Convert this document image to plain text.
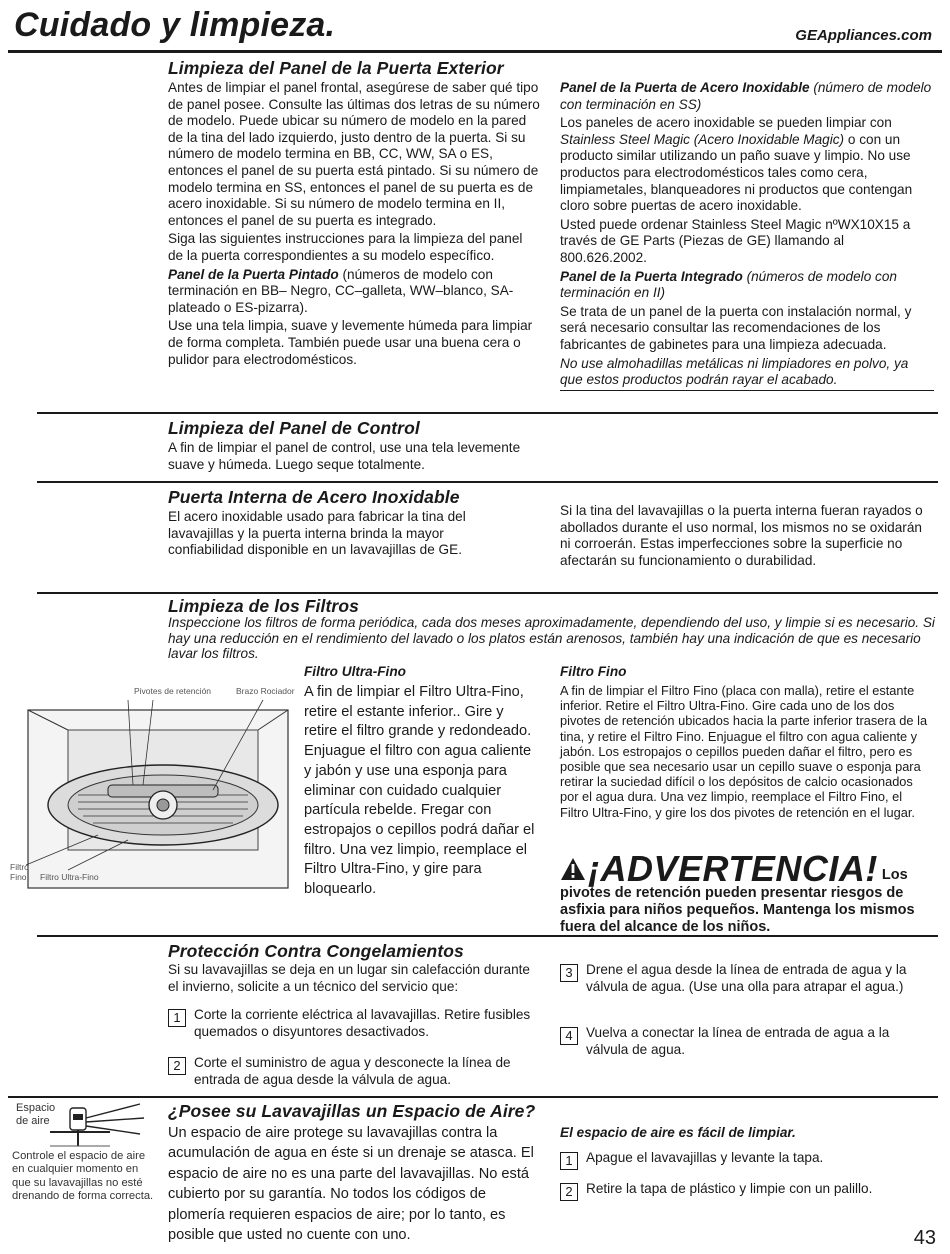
Cuidado y limpieza.	GEAppliances.com
Limpieza del Panel de la Puerta Exterior

Antes de limpiar el panel frontal, asegúrese de saber qué tipo de panel posee. Consulte las últimas dos letras de su número de modelo. Puede ubicar su número de modelo en la pared de la tina del lado izquierdo, justo dentro de la puerta. Si su número de modelo termina en BB, CC, WW, SA o ES, entonces el panel de su puerta está pintado. Si su número de modelo termina en SS, entonces el panel de su puerta es de acero inoxidable. Si su número de modelo termina en II, entonces el panel de su puerta es integrado.

Siga las siguientes instrucciones para la limpieza del panel de la puerta correspondientes a su modelo específico.

Panel de la Puerta Pintado (números de modelo con terminación en BB– Negro, CC–galleta, WW–blanco, SA-plateado o ES-pizarra).

Use una tela limpia, suave y levemente húmeda para limpiar de forma completa. También puede usar una buena cera o pulidor para electrodomésticos.

Panel de la Puerta de Acero Inoxidable (número de modelo con terminación en SS)

Los paneles de acero inoxidable se pueden limpiar con Stainless Steel Magic (Acero Inoxidable Magic) o con un producto similar utilizando un paño suave y limpio. No use productos para electrodomésticos tales como cera, limpiametales, blanqueadores ni productos que contengan cloro sobre puertas de acero inoxidable.

Usted puede ordenar Stainless Steel Magic nºWX10X15 a través de GE Parts (Piezas de GE) llamando al 800.626.2002.

Panel de la Puerta Integrado (números de modelo con terminación en II)

Se trata de un panel de la puerta con instalación normal, y será necesario consultar las recomendaciones de los fabricantes de gabinetes para una limpieza adecuada.

No use almohadillas metálicas ni limpiadores en polvo, ya que estos productos podrán rayar el acabado.

Limpieza del Panel de Control
A fin de limpiar el panel de control, use una tela levemente suave y húmeda. Luego seque totalmente.
Puerta Interna de Acero Inoxidable
El acero inoxidable usado para fabricar la tina del lavavajillas y la puerta interna brinda la mayor confiabilidad disponible en un lavavajillas de GE.
Si la tina del lavavajillas o la puerta interna fueran rayados o abollados durante el uso normal, los mismos no se oxidarán ni corroerán. Estas imperfecciones sobre la superficie no afectarán su funcionamiento o durabilidad.
Limpieza de los Filtros
Inspeccione los filtros de forma periódica, cada dos meses aproximadamente, dependiendo del uso, y limpie si es necesario. Si hay una reducción en el rendimiento del lavado o los platos están arenosos, también hay una indicación de que es necesario lavar los filtros.
Pivotes de retención	Brazo Rociador
Filtro Fino	Filtro Ultra-Fino
Filtro Ultra-Fino
A fin de limpiar el Filtro Ultra-Fino, retire el estante inferior.. Gire y retire el filtro grande y redondeado. Enjuague el filtro con agua caliente y jabón y use una esponja para eliminar con cuidado cualquier partícula rebelde. Fregar con estropajos o cepillos podrá dañar el filtro. Una vez limpio, reemplace el Filtro Ultra-Fino, y gire para bloquearlo.
Filtro Fino
A fin de limpiar el Filtro Fino (placa con malla), retire el estante inferior. Retire el Filtro Ultra-Fino. Gire cada uno de los dos pivotes de retención ubicados hacia la parte inferior trasera de la tina, y retire el Filtro Fino. Enjuague el filtro con agua caliente y jabón. Los estropajos o cepillos pueden dañar el filtro, pero es posible que sea necesario usar un cepillo suave o esponja para retirar la suciedad difícil o los depósitos de calcio ocasionados por el agua dura. Una vez limpio, reemplace el Filtro Fino, el Filtro Ultra-Fino, y gire los dos pivotes de retención en el lugar.
¡ADVERTENCIA! Los pivotes de retención pueden presentar riesgos de asfixia para niños pequeños. Mantenga los mismos fuera del alcance de los niños.
Protección Contra Congelamientos
Si su lavavajillas se deja en un lugar sin calefacción durante el invierno, solicite a un técnico del servicio que:
1 Corte la corriente eléctrica al lavavajillas. Retire fusibles quemados o disyuntores desactivados.
2 Corte el suministro de agua y desconecte la línea de entrada de agua desde la válvula de agua.
3 Drene el agua desde la línea de entrada de agua y la válvula de agua. (Use una olla para atrapar el agua.)
4 Vuelva a conectar la línea de entrada de agua a la válvula de agua.
Espacio de aire
Controle el espacio de aire en cualquier momento en que su lavavajillas no esté drenando de forma correcta.
¿Posee su Lavavajillas un Espacio de Aire?
Un espacio de aire protege su lavavajillas contra la acumulación de agua en éste si un drenaje se atasca. El espacio de aire no es una parte del lavavajillas. No está cubierto por su garantía. No todos los códigos de plomería requieren espacios de aire; por lo tanto, es posible que usted no cuente con uno.
El espacio de aire es fácil de limpiar.
1 Apague el lavavajillas y levante la tapa.
2 Retire la tapa de plástico y limpie con un palillo.
43
